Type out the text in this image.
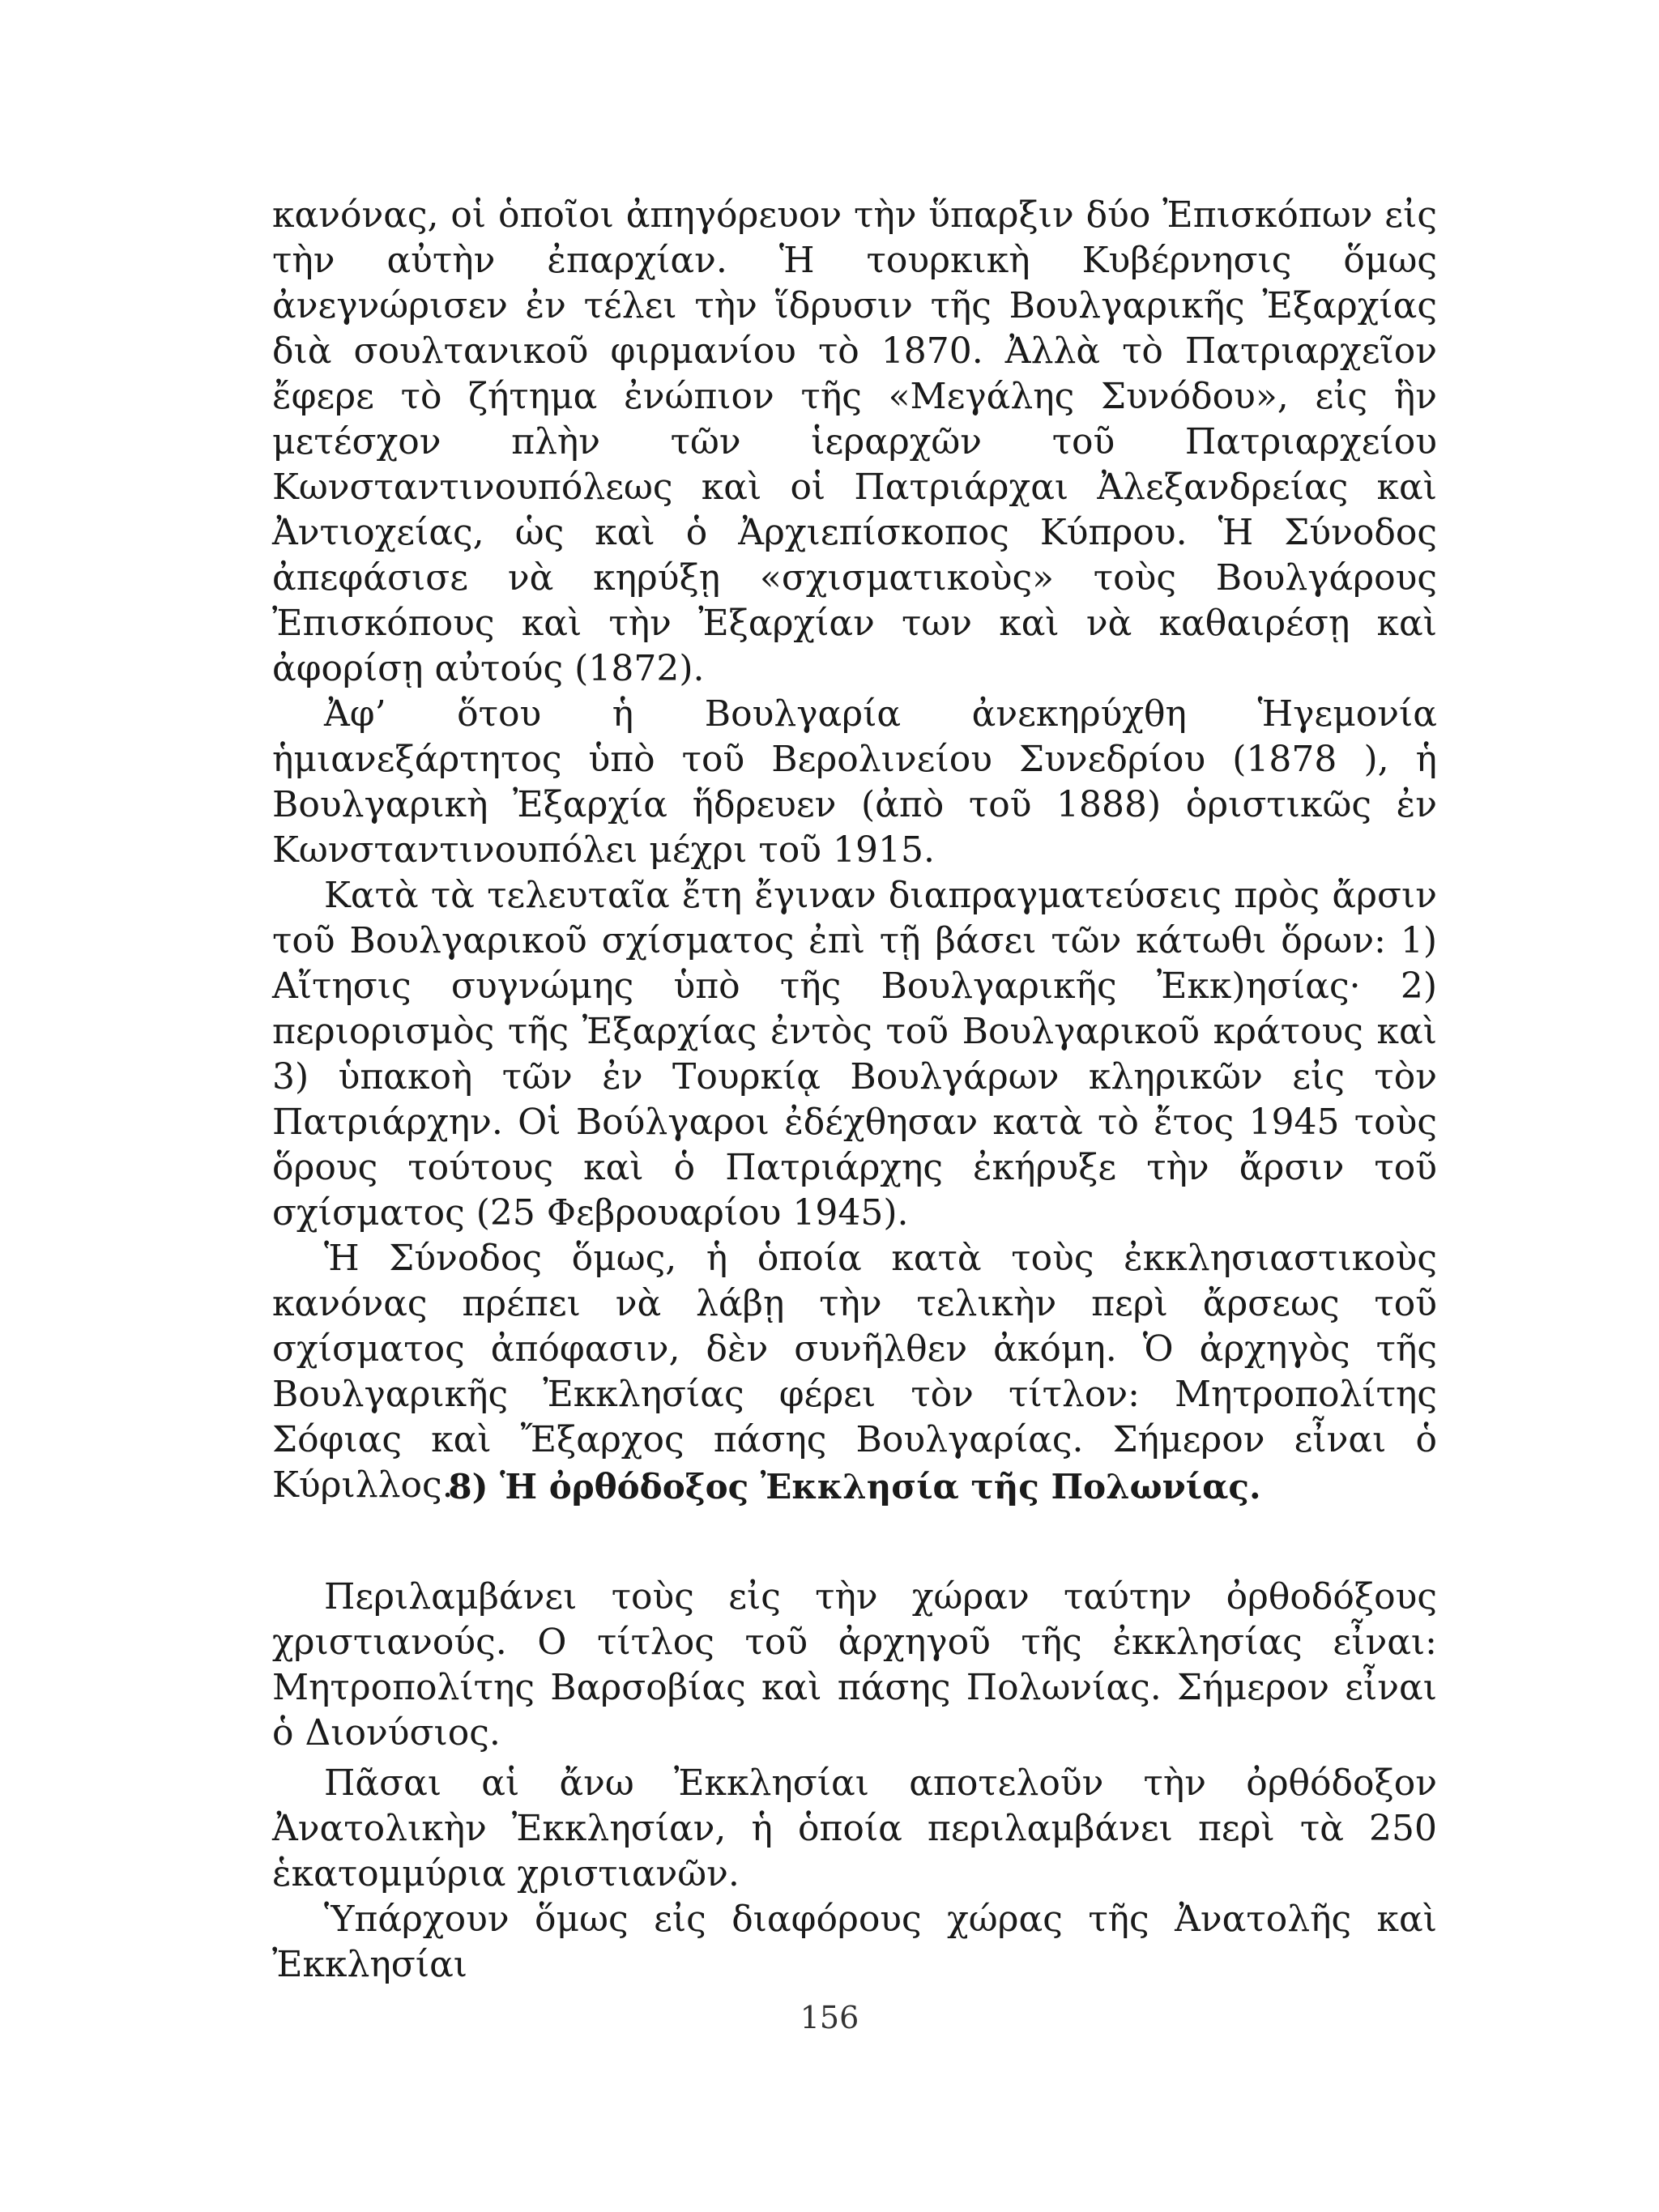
κανόνας, οἱ ὁποῖοι ἀπηγόρευον τὴν ὕπαρξιν δύο Ἐπισκόπων εἰς τὴν αὐτὴν ἐπαρχίαν. Ἡ τουρκικὴ Κυβέρνησις ὅμως ἀνεγνώρισεν ἐν τέλει τὴν ἵδρυσιν τῆς Βουλγαρικῆς Ἐξαρχίας διὰ σουλτανικοῦ φιρμανίου τὸ 1870. Ἀλλὰ τὸ Πατριαρχεῖον ἔφερε τὸ ζήτημα ἐνώπιον τῆς «Μεγάλης Συνόδου», εἰς ἣν μετέσχον πλὴν τῶν ἱεραρχῶν τοῦ Πατριαρχείου Κωνσταντινουπόλεως καὶ οἱ Πατριάρχαι Ἀλεξανδρείας καὶ Ἀντιοχείας, ὡς καὶ ὁ Ἀρχιεπίσκοπος Κύπρου. Ἡ Σύνοδος ἀπεφάσισε νὰ κηρύξῃ «σχισματικοὺς» τοὺς Βουλγάρους Ἐπισκόπους καὶ τὴν Ἐξαρχίαν των καὶ νὰ καθαιρέσῃ καὶ ἀφορίσῃ αὐτούς (1872).

Ἀφ’ ὅτου ἡ Βουλγαρία ἀνεκηρύχθη Ἡγεμονία ἡμιανεξάρτητος ὑπὸ τοῦ Βερολινείου Συνεδρίου (1878 ), ἡ Βουλγαρικὴ Ἐξαρχία ἥδρευεν (ἀπὸ τοῦ 1888) ὁριστικῶς ἐν Κωνσταντινουπόλει μέχρι τοῦ 1915.

Κατὰ τὰ τελευταῖα ἔτη ἔγιναν διαπραγματεύσεις πρὸς ἄρσιν τοῦ Βουλγαρικοῦ σχίσματος ἐπὶ τῇ βάσει τῶν κάτωθι ὅρων: 1) Αἴτησις συγνώμης ὑπὸ τῆς Βουλγαρικῆς Ἐκκ)ησίας· 2) περιορισμὸς τῆς Ἐξαρχίας ἐντὸς τοῦ Βουλγαρικοῦ κράτους καὶ 3) ὑπακοὴ τῶν ἐν Τουρκίᾳ Βουλγάρων κληρικῶν εἰς τὸν Πατριάρχην. Οἱ Βούλγαροι ἐδέχθησαν κατὰ τὸ ἔτος 1945 τοὺς ὅρους τούτους καὶ ὁ Πατριάρχης ἐκήρυξε τὴν ἄρσιν τοῦ σχίσματος (25 Φεβρουαρίου 1945).

Ἡ Σύνοδος ὅμως, ἡ ὁποία κατὰ τοὺς ἐκκλησιαστικοὺς κανόνας πρέπει νὰ λάβῃ τὴν τελικὴν περὶ ἄρσεως τοῦ σχίσματος ἀπόφασιν, δὲν συνῆλθεν ἀκόμη. Ὁ ἀρχηγὸς τῆς Βουλγαρικῆς Ἐκκλησίας φέρει τὸν τίτλον: Μητροπολίτης Σόφιας καὶ Ἔξαρχος πάσης Βουλγαρίας. Σήμερον εἶναι ὁ Κύριλλος.

8) Ἡ ὀρθόδοξος Ἐκκλησία τῆς Πολωνίας.

Περιλαμβάνει τοὺς εἰς τὴν χώραν ταύτην ὀρθοδόξους χριστιανούς. Ο τίτλος τοῦ ἀρχηγοῦ τῆς ἐκκλησίας εἶναι: Μητροπολίτης Βαρσοβίας καὶ πάσης Πολωνίας. Σήμερον εἶναι ὁ Διονύσιος.

Πᾶσαι αἱ ἄνω Ἐκκλησίαι αποτελοῦν τὴν ὀρθόδοξον Ἀνατολικὴν Ἐκκλησίαν, ἡ ὁποία περιλαμβάνει περὶ τὰ 250 ἑκατομμύρια χριστιανῶν.

Ὑπάρχουν ὅμως εἰς διαφόρους χώρας τῆς Ἀνατολῆς καὶ Ἐκκλησίαι

156
